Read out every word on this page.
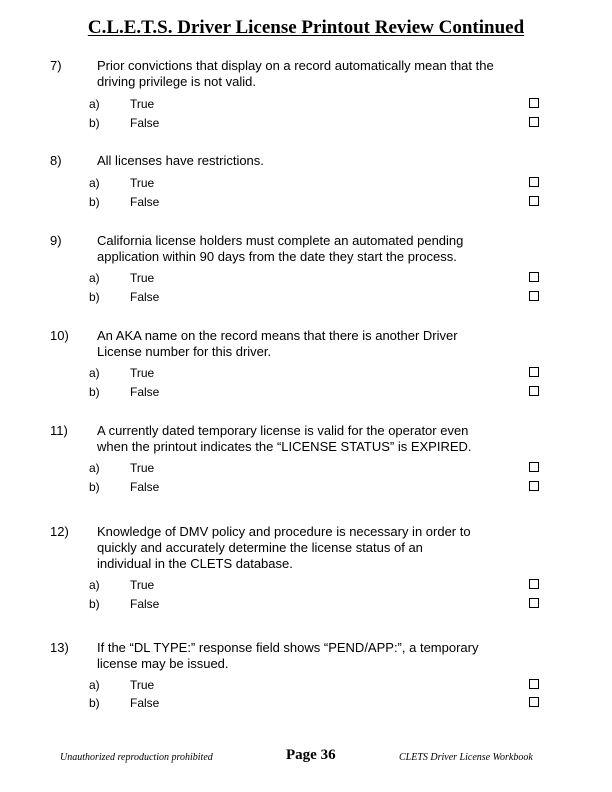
C.L.E.T.S. Driver License Printout Review Continued
7)	Prior convictions that display on a record automatically mean that the
driving privilege is not valid.
a)	True
b)	False
8)	All licenses have restrictions.
a)	True
b)	False
9)	California license holders must complete an automated pending
application within 90 days from the date they start the process.
a)	True
b)	False
10) An AKA name on the record means that there is another Driver
License number for this driver.
a)	True
b)	False
11) A currently dated temporary license is valid for the operator even
when the printout indicates the “LICENSE STATUS” is EXPIRED.
a)	True
b)	False
12) Knowledge of DMV policy and procedure is necessary in order to
quickly and accurately determine the license status of an
individual in the CLETS database.
a)	True
b)	False
13) If the “DL TYPE:” response field shows “PEND/APP:”, a temporary
license may be issued.
a)	True
b)	False
Unauthorized reproduction prohibited	Page 36	CLETS Driver License Workbook
